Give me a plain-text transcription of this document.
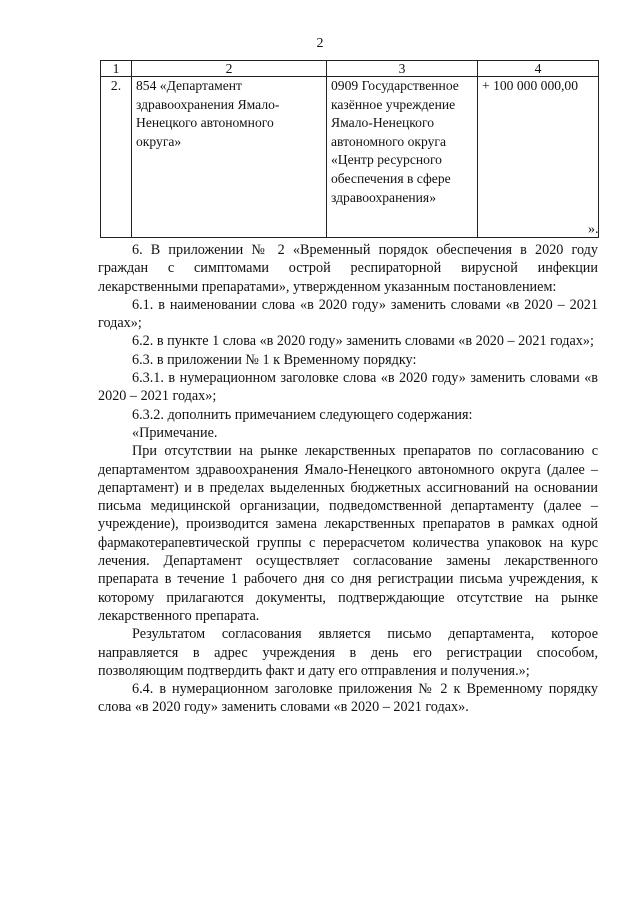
2
1	2	3	4
2.	854 «Департамент здравоохранения Ямало-Ненецкого автономного округа»	0909 Государственное казённое учреждение Ямало-Ненецкого автономного округа «Центр ресурсного обеспечения в сфере здравоохранения»	+ 100 000 000,00
».

6. В приложении № 2 «Временный порядок обеспечения в 2020 году граждан с симптомами острой респираторной вирусной инфекции лекарственными препаратами», утвержденном указанным постановлением:

6.1. в наименовании слова «в 2020 году» заменить словами «в 2020 – 2021 годах»;

6.2. в пункте 1 слова «в 2020 году» заменить словами «в 2020 – 2021 годах»;

6.3. в приложении № 1 к Временному порядку:

6.3.1. в нумерационном заголовке слова «в 2020 году» заменить словами «в 2020 – 2021 годах»;

6.3.2. дополнить примечанием следующего содержания:

«Примечание.

При отсутствии на рынке лекарственных препаратов по согласованию с департаментом здравоохранения Ямало-Ненецкого автономного округа (далее – департамент) и в пределах выделенных бюджетных ассигнований на основании письма медицинской организации, подведомственной департаменту (далее – учреждение), производится замена лекарственных препаратов в рамках одной фармакотерапевтической группы с перерасчетом количества упаковок на курс лечения. Департамент осуществляет согласование замены лекарственного препарата в течение 1 рабочего дня со дня регистрации письма учреждения, к которому прилагаются документы, подтверждающие отсутствие на рынке лекарственного препарата.

Результатом согласования является письмо департамента, которое направляется в адрес учреждения в день его регистрации способом, позволяющим подтвердить факт и дату его отправления и получения.»;

6.4. в нумерационном заголовке приложения № 2 к Временному порядку слова «в 2020 году» заменить словами «в 2020 – 2021 годах».
